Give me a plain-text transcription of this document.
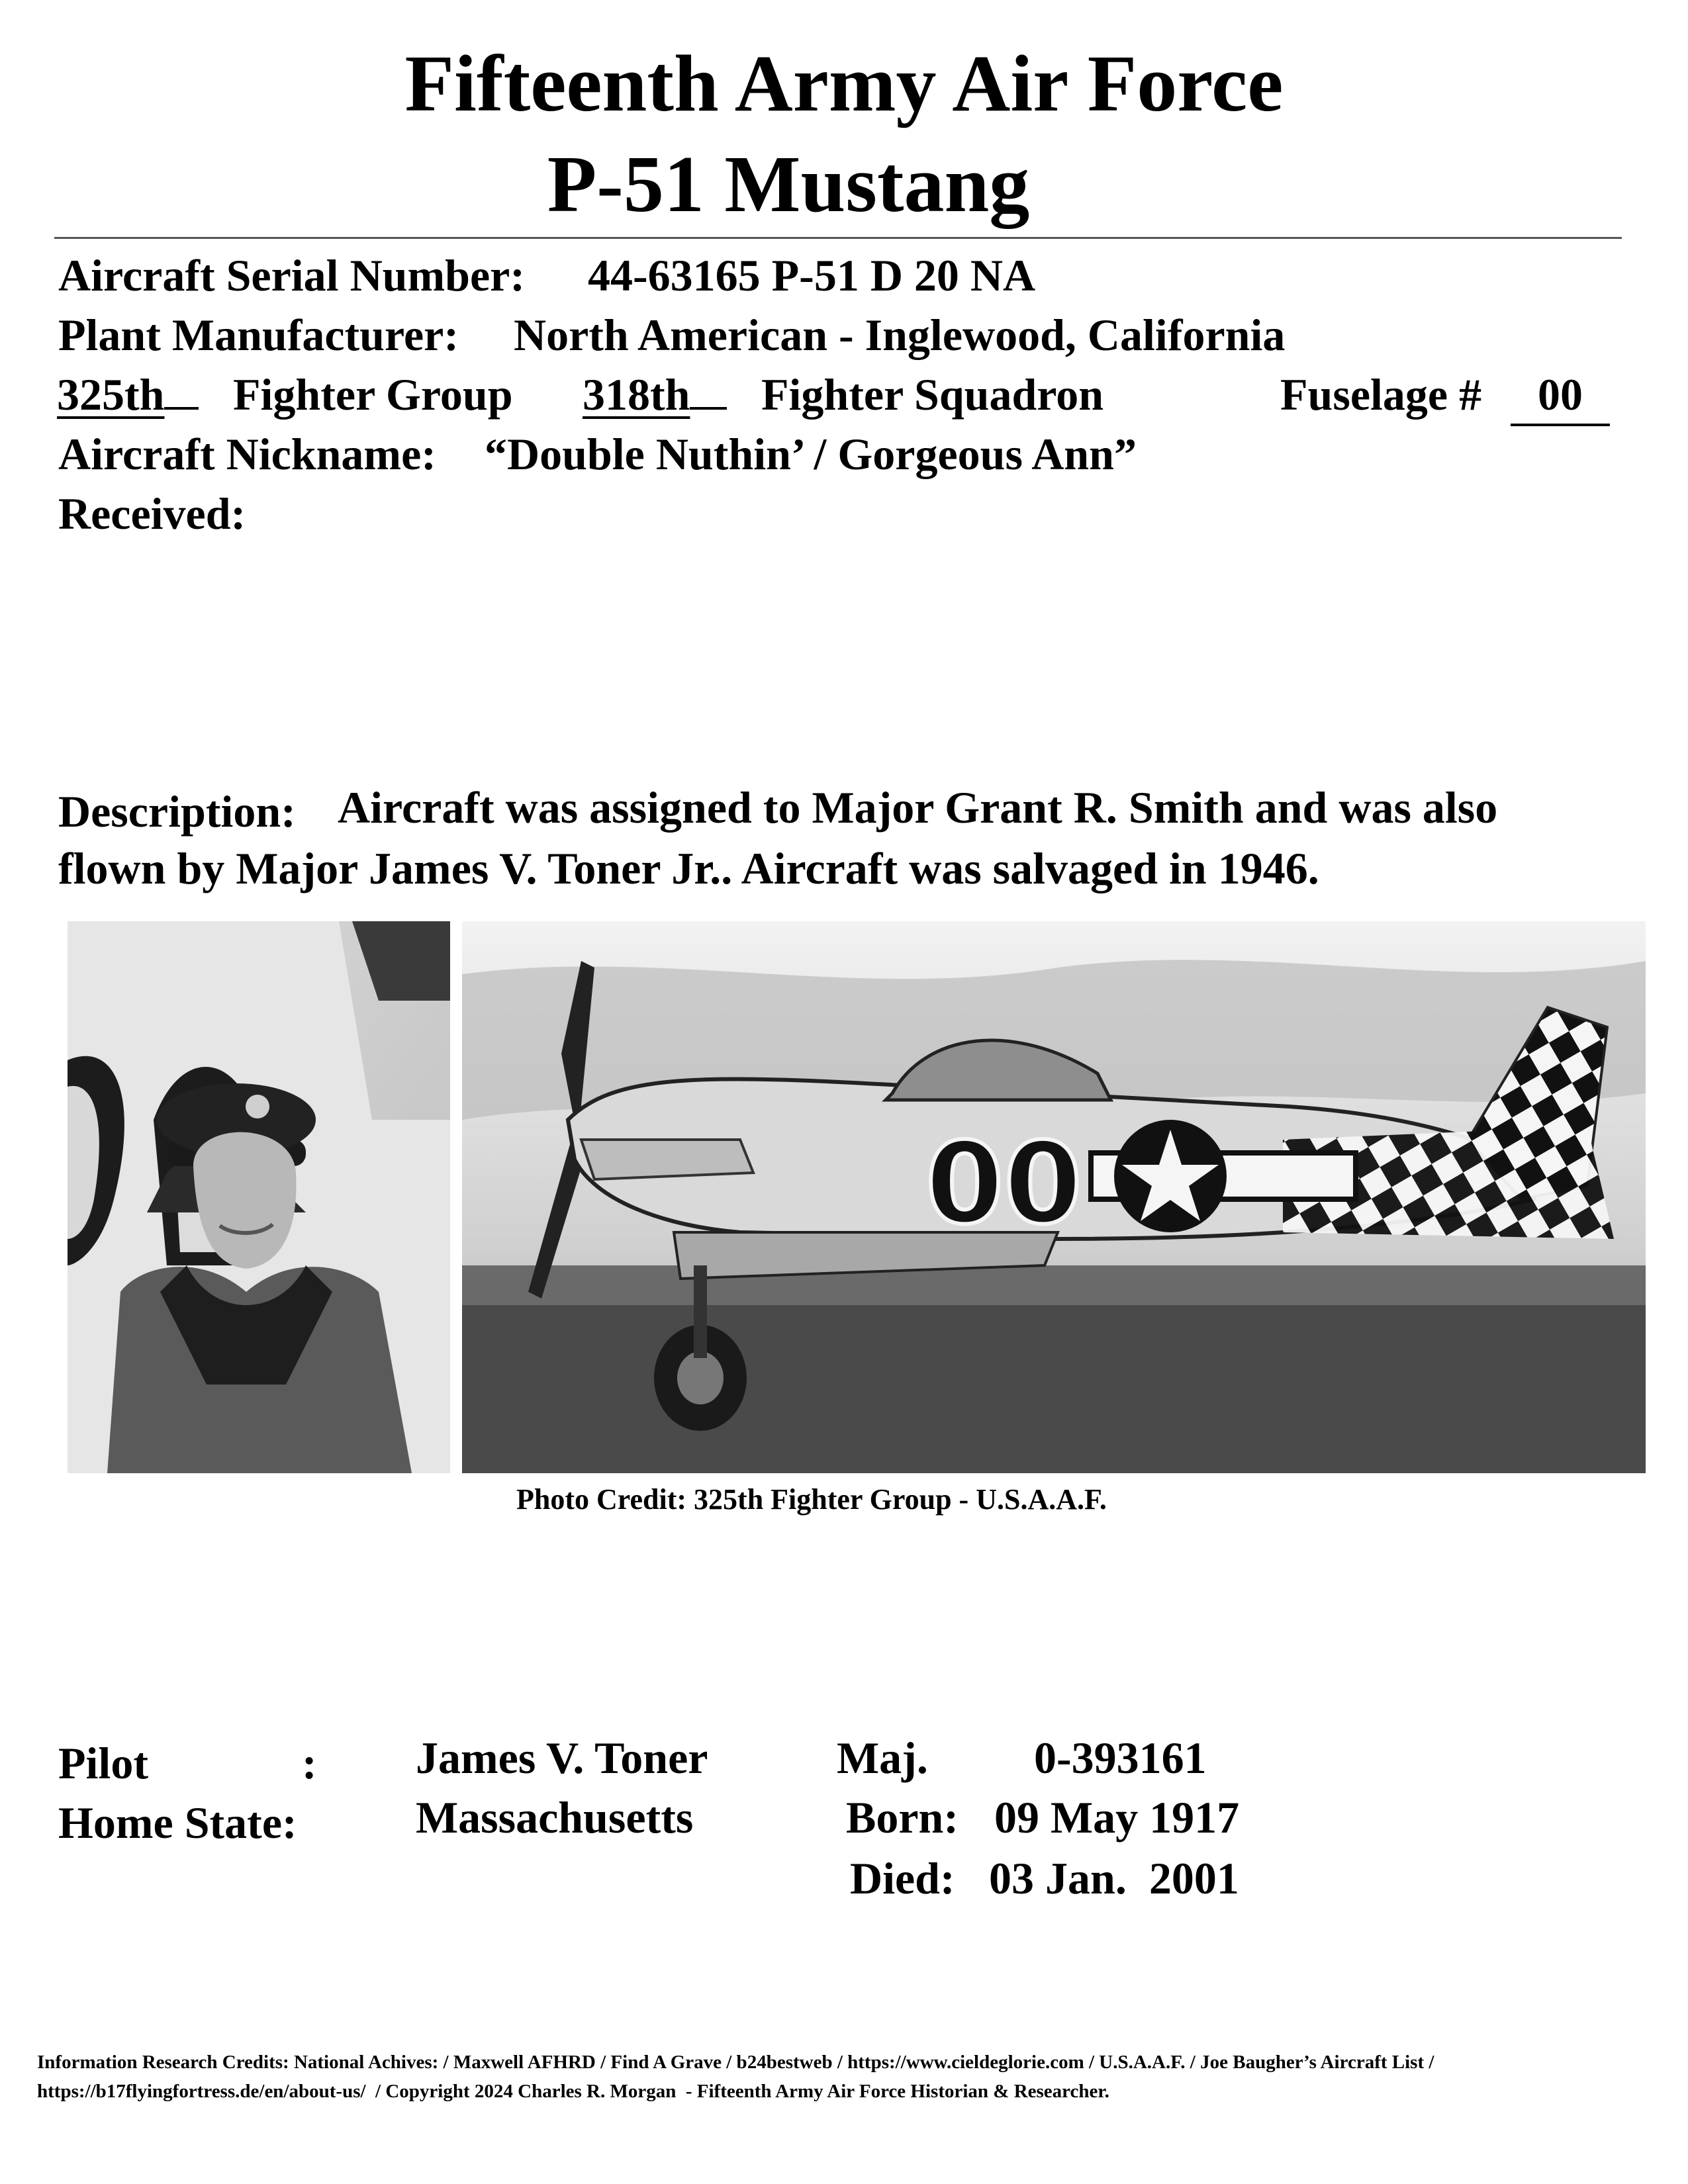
Fifteenth Army Air Force
P-51 Mustang
Aircraft Serial Number: 44-63165 P-51 D 20 NA
Plant Manufacturer: North American - Inglewood, California
325th	Fighter Group 318th	Fighter Squadron	Fuselage #	00
Aircraft Nickname: “Double Nuthin’ / Gorgeous Ann”
Received:
Description: Aircraft was assigned to Major Grant R. Smith and was also
flown by Major James V. Toner Jr.. Aircraft was salvaged in 1946.
00
Photo Credit: 325th Fighter Group - U.S.A.A.F.
Pilot	: James V. Toner	Maj. 0-393161
Home State:	Massachusetts	Born: 09 May 1917
Died: 03 Jan.  2001
Information Research Credits: National Achives: / Maxwell AFHRD / Find A Grave / b24bestweb / https://www.cieldeglorie.com / U.S.A.A.F. / Joe Baugher’s Aircraft List /
https://b17flyingfortress.de/en/about-us/  / Copyright 2024 Charles R. Morgan  - Fifteenth Army Air Force Historian & Researcher.
